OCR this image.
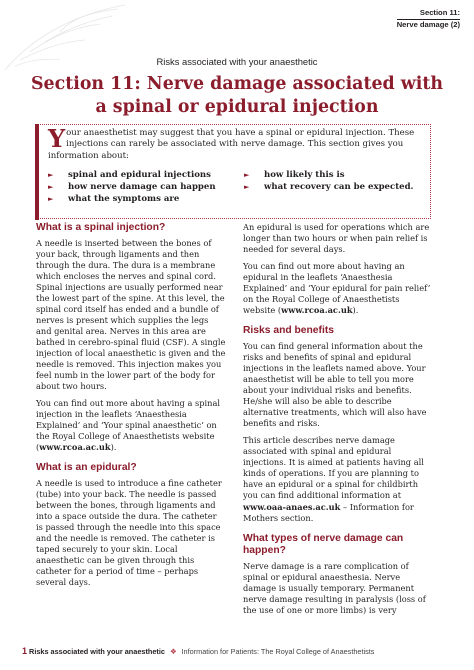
Section 11:
Nerve damage (2)
Risks associated with your anaesthetic
Section 11: Nerve damage associated with
a spinal or epidural injection
Your anaesthetist may suggest that you have a spinal or epidural injection. These injections can rarely be associated with nerve damage. This section gives you information about:
► spinal and epidural injections
► how nerve damage can happen
► what the symptoms are
► how likely this is
► what recovery can be expected.
What is a spinal injection?

A needle is inserted between the bones of your back, through ligaments and then through the dura. The dura is a membrane which encloses the nerves and spinal cord. Spinal injections are usually performed near the lowest part of the spine. At this level, the spinal cord itself has ended and a bundle of nerves is present which supplies the legs and genital area. Nerves in this area are bathed in cerebro-spinal fluid (CSF). A single injection of local anaesthetic is given and the needle is removed. This injection makes you feel numb in the lower part of the body for about two hours.

You can find out more about having a spinal injection in the leaflets ‘Anaesthesia Explained’ and ‘Your spinal anaesthetic’ on the Royal College of Anaesthetists website (www.rcoa.ac.uk).

What is an epidural?

A needle is used to introduce a fine catheter (tube) into your back. The needle is passed between the bones, through ligaments and into a space outside the dura. The catheter is passed through the needle into this space and the needle is removed. The catheter is taped securely to your skin. Local anaesthetic can be given through this catheter for a period of time – perhaps several days.

An epidural is used for operations which are longer than two hours or when pain relief is needed for several days.

You can find out more about having an epidural in the leaflets ‘Anaesthesia Explained’ and ‘Your epidural for pain relief’ on the Royal College of Anaesthetists website (www.rcoa.ac.uk).

Risks and benefits

You can find general information about the risks and benefits of spinal and epidural injections in the leaflets named above. Your anaesthetist will be able to tell you more about your individual risks and benefits. He/she will also be able to describe alternative treatments, which will also have benefits and risks.

This article describes nerve damage associated with spinal and epidural injections. It is aimed at patients having all kinds of operations. If you are planning to have an epidural or a spinal for childbirth you can find additional information at www.oaa-anaes.ac.uk – Information for Mothers section.

What types of nerve damage can happen?

Nerve damage is a rare complication of spinal or epidural anaesthesia. Nerve damage is usually temporary. Permanent nerve damage resulting in paralysis (loss of the use of one or more limbs) is very

1 Risks associated with your anaesthetic ❖ Information for Patients: The Royal College of Anaesthetists
